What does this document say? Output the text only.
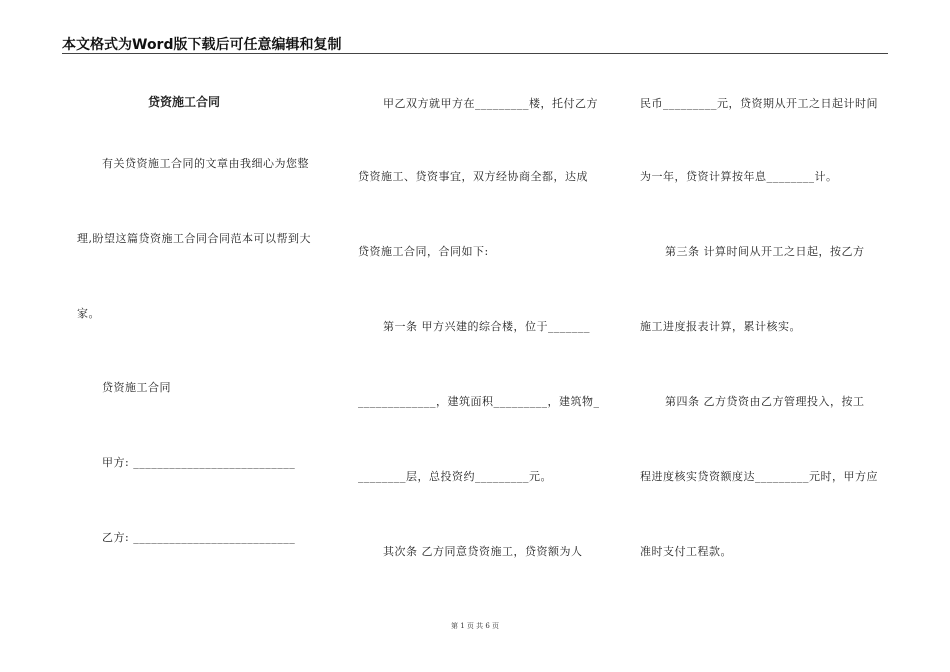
本文格式为Word版下载后可任意编辑和复制
贷资施工合同
有关贷资施工合同的文章由我细心为您整
理,盼望这篇贷资施工合同合同范本可以帮到大
家。
贷资施工合同
甲方: ___________________________
乙方: ___________________________
甲乙双方就甲方在_________楼，托付乙方
贷资施工、贷资事宜，双方经协商全都，达成
贷资施工合同，合同如下:
第一条 甲方兴建的综合楼，位于_______
_____________，建筑面积_________，建筑物_
________层，总投资约_________元。
其次条 乙方同意贷资施工，贷资额为人
民币_________元，贷资期从开工之日起计时间
为一年，贷资计算按年息________计。
第三条 计算时间从开工之日起，按乙方
施工进度报表计算，累计核实。
第四条 乙方贷资由乙方管理投入，按工
程进度核实贷资额度达_________元时，甲方应
准时支付工程款。
第 1 页 共 6 页
